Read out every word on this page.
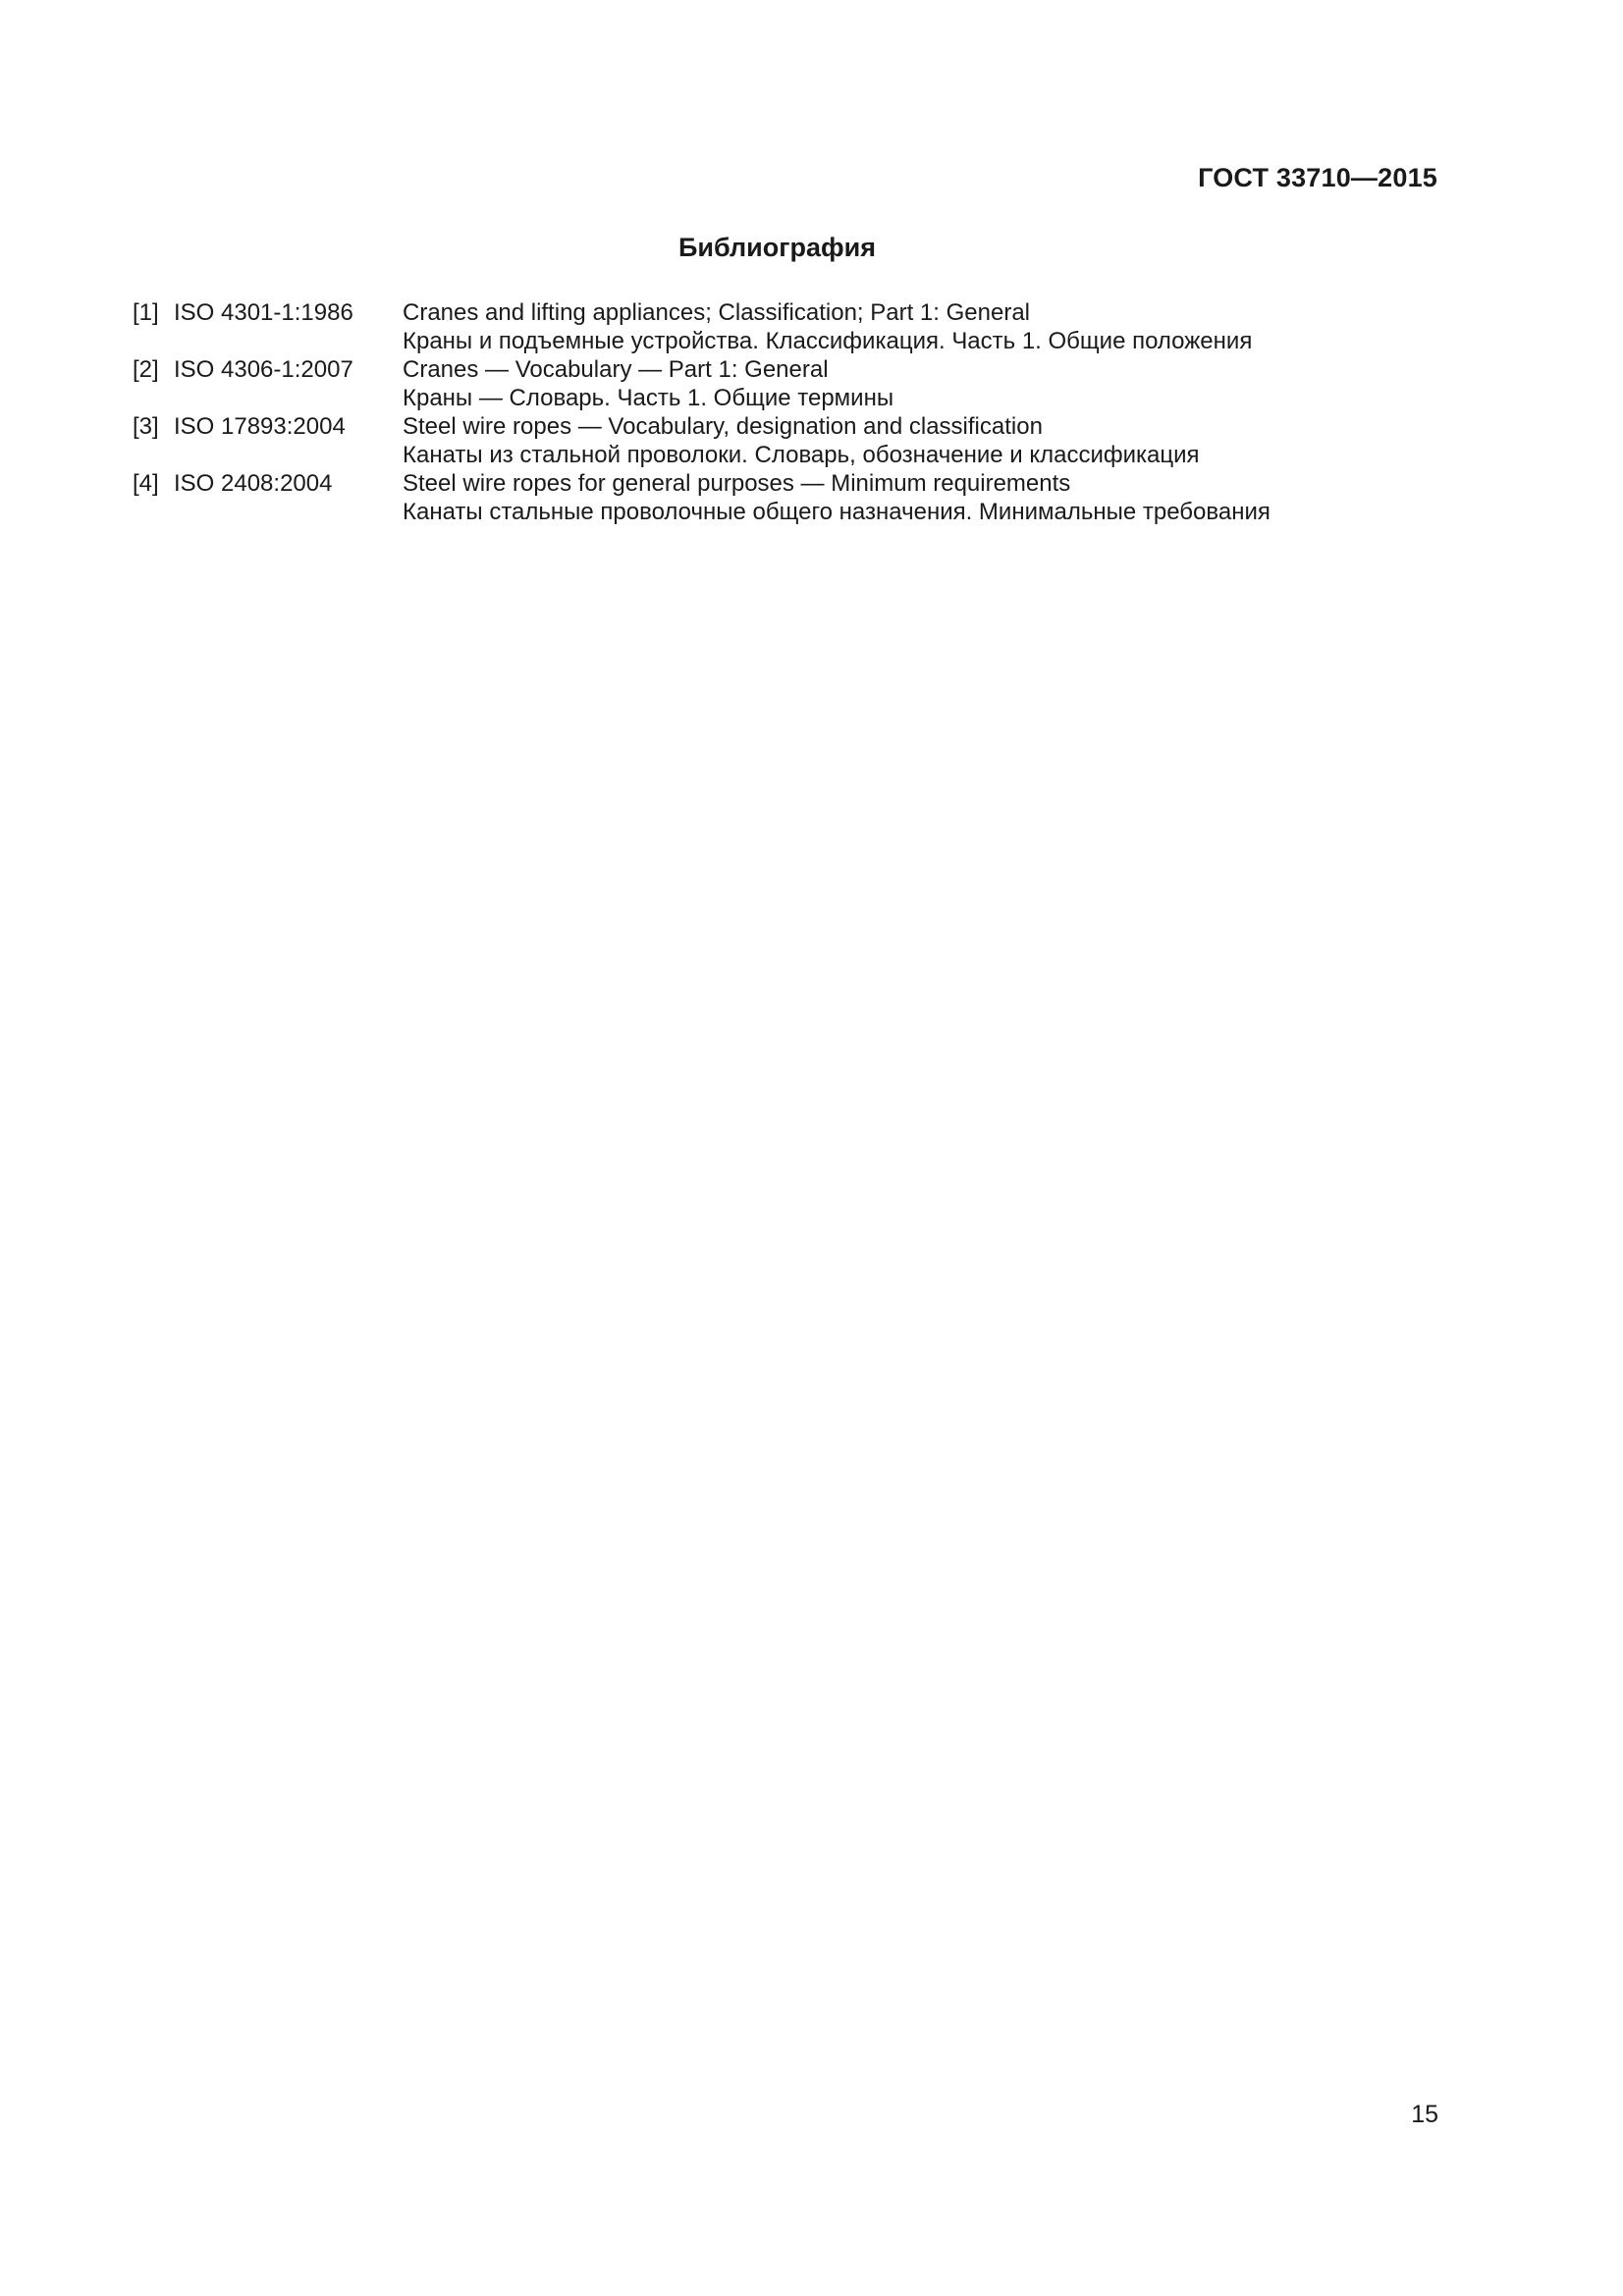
ГОСТ 33710—2015
Библиография
[1] ISO 4301-1:1986	Cranes and lifting appliances; Classification; Part 1: General
Краны и подъемные устройства. Классификация. Часть 1. Общие положения
[2] ISO 4306-1:2007	Cranes — Vocabulary — Part 1: General
Краны — Словарь. Часть 1. Общие термины
[3] ISO 17893:2004	Steel wire ropes — Vocabulary, designation and classification
Канаты из стальной проволоки. Словарь, обозначение и классификация
[4] ISO 2408:2004	Steel wire ropes for general purposes — Minimum requirements
Канаты стальные проволочные общего назначения. Минимальные требования
15
